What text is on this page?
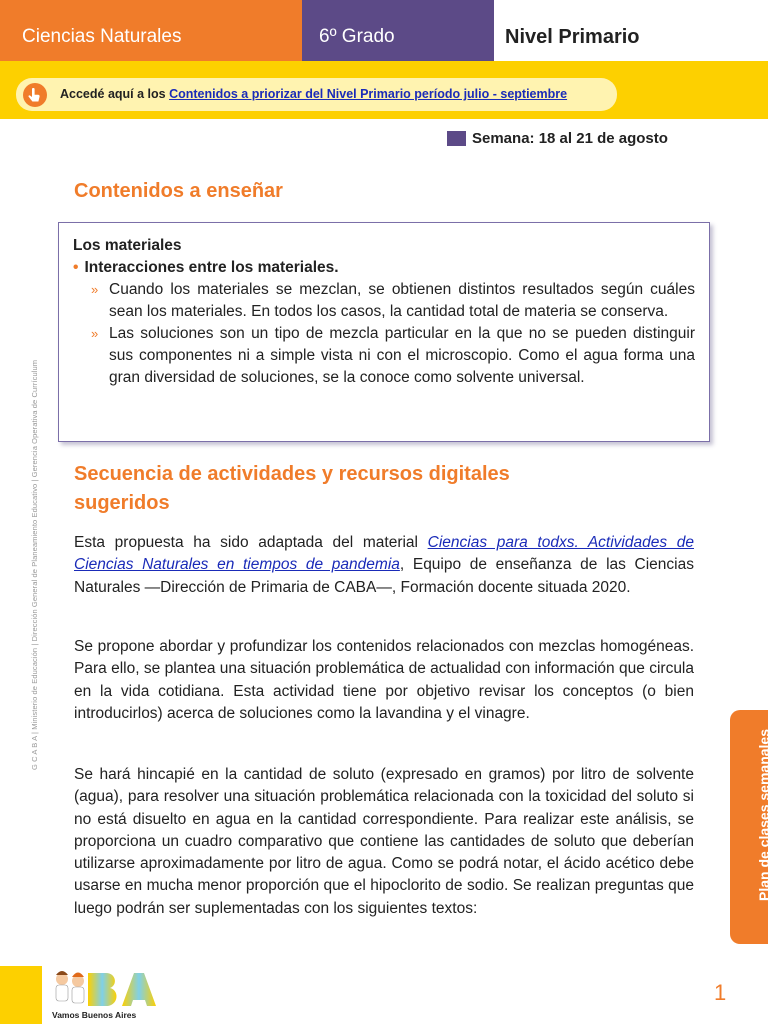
Ciencias Naturales	6º Grado	Nivel Primario
Accedé aquí a los Contenidos a priorizar del Nivel Primario período julio - septiembre
Semana: 18 al 21 de agosto
Contenidos a enseñar
Los materiales
• Interacciones entre los materiales.
» Cuando los materiales se mezclan, se obtienen distintos resultados según cuáles sean los materiales. En todos los casos, la cantidad total de materia se conserva.
» Las soluciones son un tipo de mezcla particular en la que no se pueden distinguir sus componentes ni a simple vista ni con el microscopio. Como el agua forma una gran diversidad de soluciones, se la conoce como solvente universal.
Secuencia de actividades y recursos digitales
sugeridos
Esta propuesta ha sido adaptada del material Ciencias para todxs. Actividades de Ciencias Naturales en tiempos de pandemia, Equipo de enseñanza de las Ciencias Naturales —Dirección de Primaria de CABA—, Formación docente situada 2020.
Se propone abordar y profundizar los contenidos relacionados con mezclas homogéneas. Para ello, se plantea una situación problemática de actualidad con información que circula en la vida cotidiana. Esta actividad tiene por objetivo revisar los conceptos (o bien introducirlos) acerca de soluciones como la lavandina y el vinagre.
Se hará hincapié en la cantidad de soluto (expresado en gramos) por litro de solvente (agua), para resolver una situación problemática relacionada con la toxicidad del soluto si no está disuelto en agua en la cantidad correspondiente. Para realizar este análisis, se proporciona un cuadro comparativo que contiene las cantidades de soluto que deberían utilizarse aproximadamente por litro de agua. Como se podrá notar, el ácido acético debe usarse en mucha menor proporción que el hipoclorito de sodio. Se realizan preguntas que luego podrán ser suplementadas con los siguientes textos:
G C A B A | Ministerio de Educación | Dirección General de Planeamiento Educativo | Gerencia Operativa de Currículum
Plan de clases semanales
Vamos Buenos Aires
1
